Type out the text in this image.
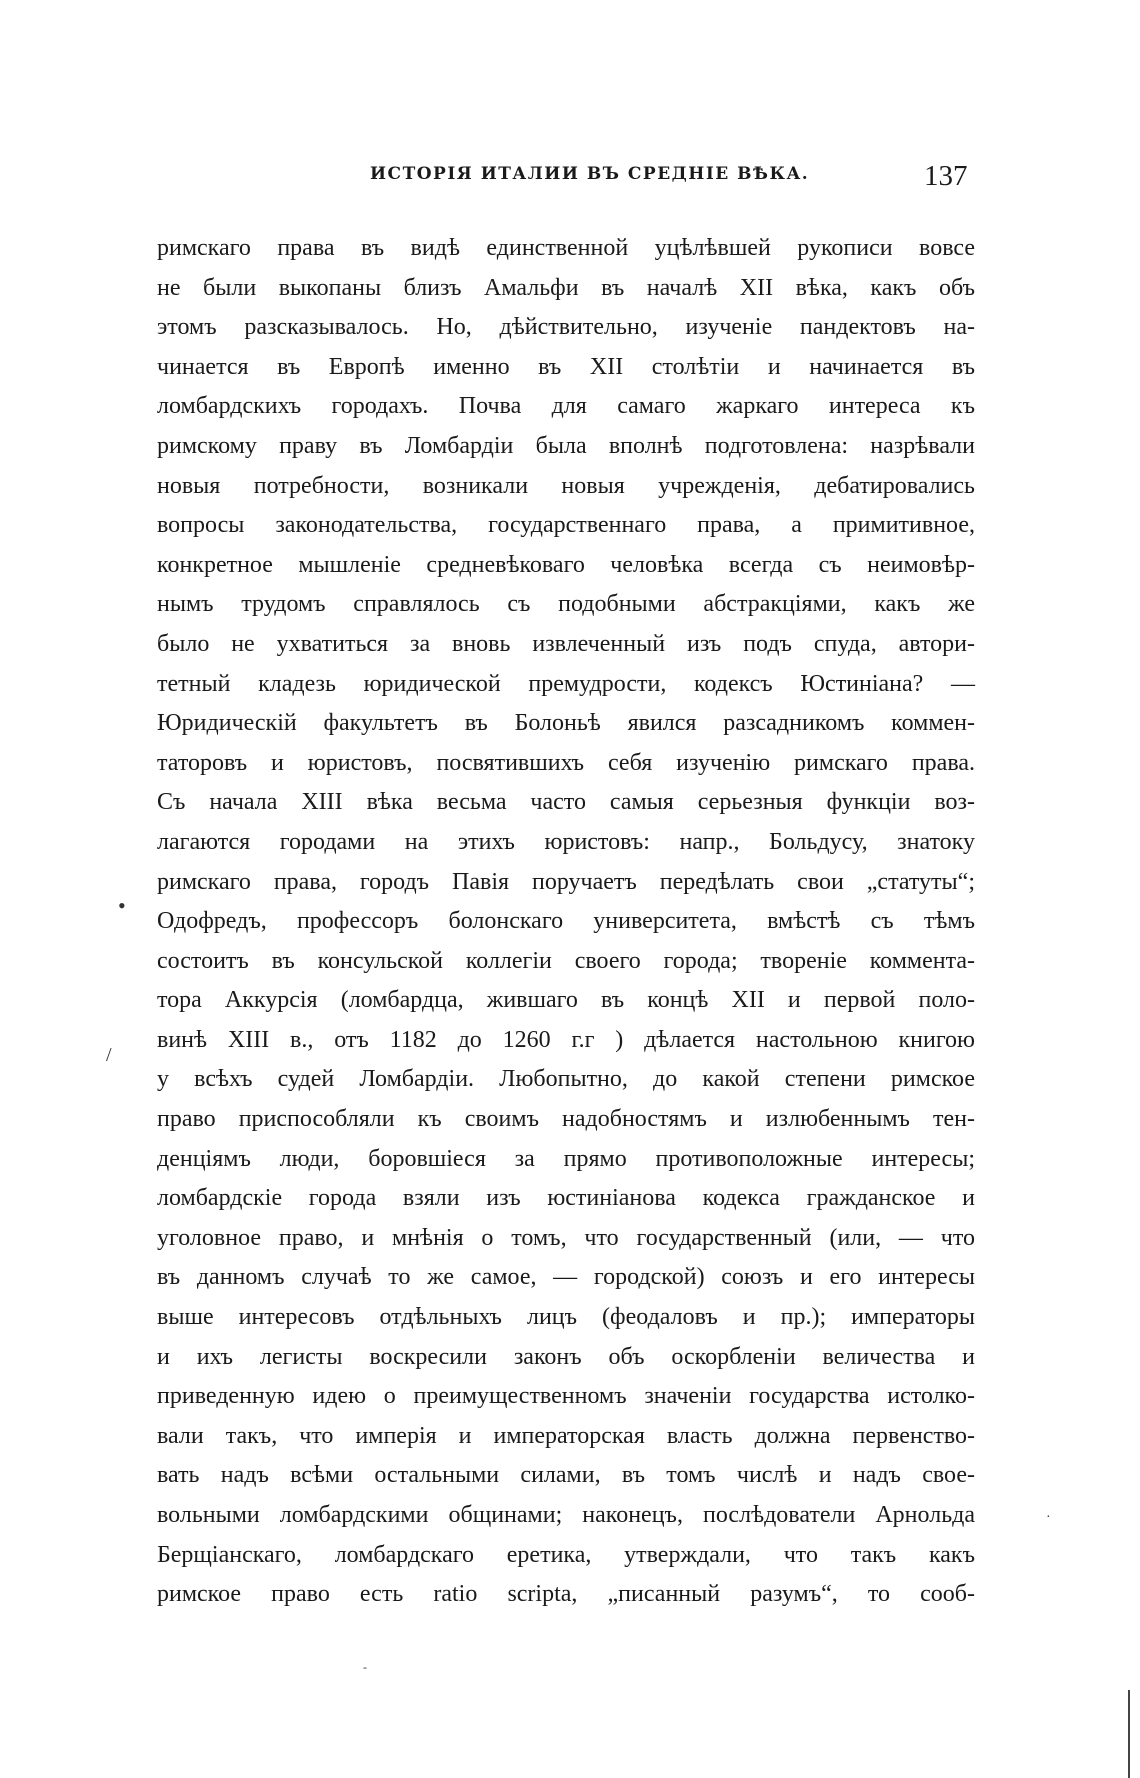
ИСТОРІЯ ИТАЛИИ ВЪ СРЕДНІЕ ВѢКА.	137
римскаго права въ видѣ единственной уцѣлѣвшей рукописи вовсе
не были выкопаны близъ Амальфи въ началѣ XII вѣка, какъ объ
этомъ разсказывалось. Но, дѣйствительно, изученіе пандектовъ на-
чинается въ Европѣ именно въ XII столѣтіи и начинается въ
ломбардскихъ городахъ. Почва для самаго жаркаго интереса къ
римскому праву въ Ломбардіи была вполнѣ подготовлена: назрѣвали
новыя потребности, возникали новыя учрежденія, дебатировались
вопросы законодательства, государственнаго права, а примитивное,
конкретное мышленіе средневѣковаго человѣка всегда съ неимовѣр-
нымъ трудомъ справлялось съ подобными абстракціями, какъ же
было не ухватиться за вновь извлеченный изъ подъ спуда, автори-
тетный кладезь юридической премудрости, кодексъ Юстиніана? —
Юридическій факультетъ въ Болоньѣ явился разсадникомъ коммен-
таторовъ и юристовъ, посвятившихъ себя изученію римскаго права.
Съ начала XIII вѣка весьма часто самыя серьезныя функціи воз-
лагаются городами на этихъ юристовъ: напр., Больдусу, знатоку
римскаго права, городъ Павія поручаетъ передѣлать свои „статуты“;
Одофредъ, профессоръ болонскаго университета, вмѣстѣ съ тѣмъ
состоитъ въ консульской коллегіи своего города; твореніе коммента-
тора Аккурсія (ломбардца, жившаго въ концѣ XII и первой поло-
винѣ XIII в., отъ 1182 до 1260 г.г ) дѣлается настольною книгою
у всѣхъ судей Ломбардіи. Любопытно, до какой степени римское
право приспособляли къ своимъ надобностямъ и излюбеннымъ тен-
денціямъ люди, боровшіеся за прямо противоположные интересы;
ломбардскіе города взяли изъ юстиніанова кодекса гражданское и
уголовное право, и мнѣнія о томъ, что государственный (или, — что
въ данномъ случаѣ то же самое, — городской) союзъ и его интересы
выше интересовъ отдѣльныхъ лицъ (феодаловъ и пр.); императоры
и ихъ легисты воскресили законъ объ оскорбленіи величества и
приведенную идею о преимущественномъ значеніи государства истолко-
вали такъ, что имперія и императорская власть должна первенство-
вать надъ всѣми остальными силами, въ томъ числѣ и надъ свое-
вольными ломбардскими общинами; наконецъ, послѣдователи Арнольда
Берщіанскаго, ломбардскаго еретика, утверждали, что такъ какъ
римское право есть ratio scripta, „писанный разумъ“, то сооб-
•
/
·
-
